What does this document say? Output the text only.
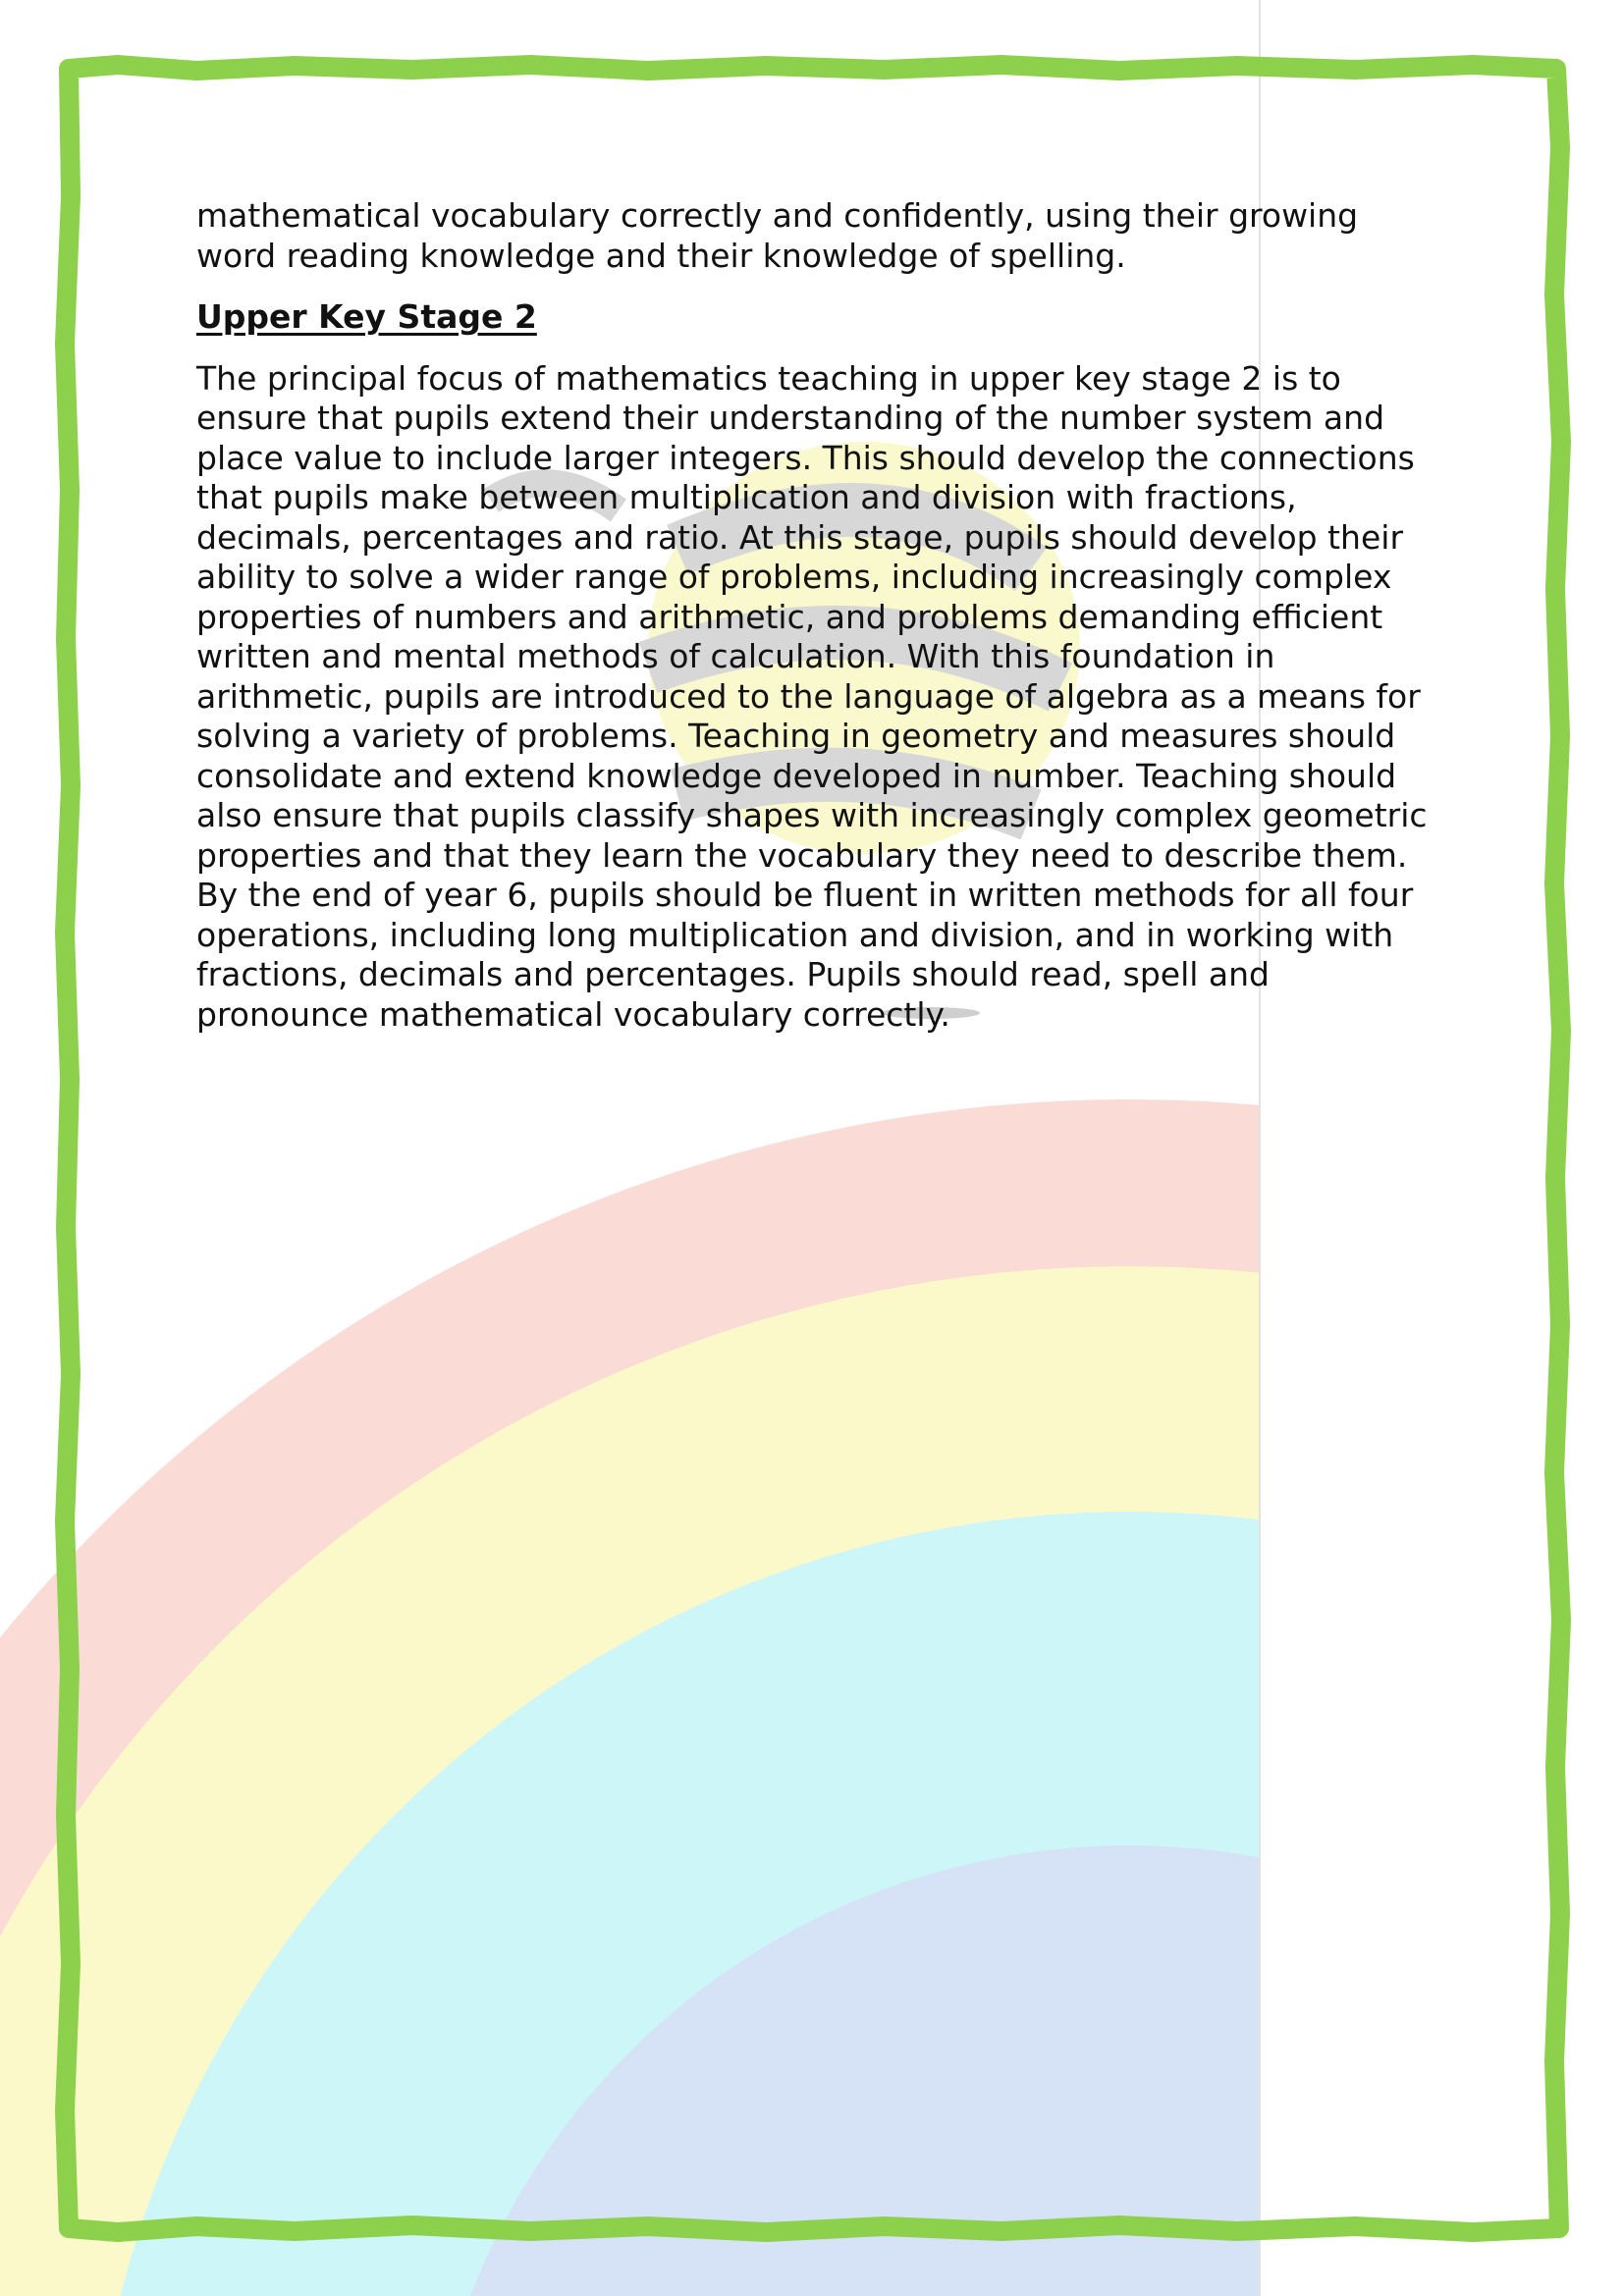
mathematical vocabulary correctly and confidently, using their growing word reading knowledge and their knowledge of spelling.

Upper Key Stage 2

The principal focus of mathematics teaching in upper key stage 2 is to ensure that pupils extend their understanding of the number system and place value to include larger integers. This should develop the connections that pupils make between multiplication and division with fractions, decimals, percentages and ratio. At this stage, pupils should develop their ability to solve a wider range of problems, including increasingly complex properties of numbers and arithmetic, and problems demanding efficient written and mental methods of calculation. With this foundation in arithmetic, pupils are introduced to the language of algebra as a means for solving a variety of problems. Teaching in geometry and measures should consolidate and extend knowledge developed in number. Teaching should also ensure that pupils classify shapes with increasingly complex geometric properties and that they learn the vocabulary they need to describe them. By the end of year 6, pupils should be fluent in written methods for all four operations, including long multiplication and division, and in working with fractions, decimals and percentages. Pupils should read, spell and pronounce mathematical vocabulary correctly.
